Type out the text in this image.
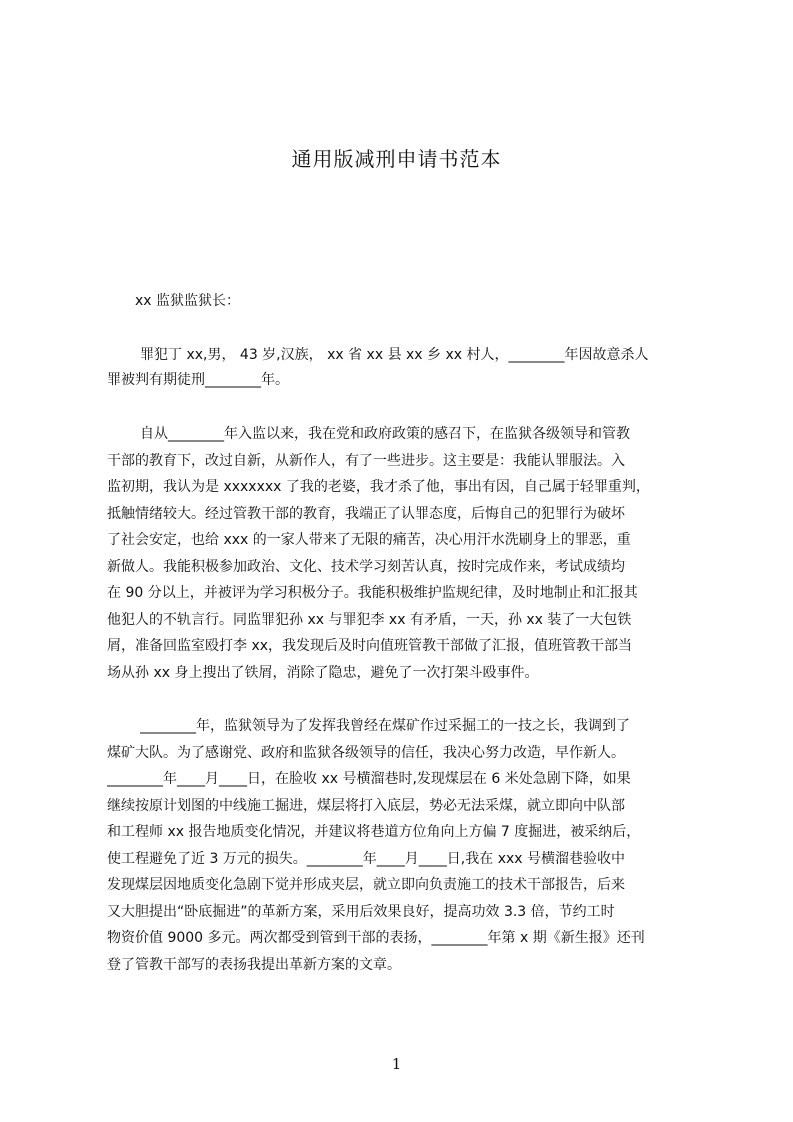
通用版减刑申请书范本
xx 监狱监狱长：
罪犯丁 xx,男， 43 岁,汉族， xx 省 xx 县 xx 乡 xx 村人，________年因故意杀人
罪被判有期徒刑________年。
自从________年入监以来，我在党和政府政策的感召下，在监狱各级领导和管教
干部的教育下，改过自新，从新作人，有了一些进步。这主要是：我能认罪服法。入
监初期，我认为是 xxxxxxx 了我的老婆，我才杀了他，事出有因，自己属于轻罪重判，
抵触情绪较大。经过管教干部的教育，我端正了认罪态度，后悔自己的犯罪行为破坏
了社会安定，也给 xxx 的一家人带来了无限的痛苦，决心用汗水洗刷身上的罪恶，重
新做人。我能积极参加政治、文化、技术学习刻苦认真，按时完成作来，考试成绩均
在 90 分以上，并被评为学习积极分子。我能积极维护监规纪律，及时地制止和汇报其
他犯人的不轨言行。同监罪犯孙 xx 与罪犯李 xx 有矛盾，一天，孙 xx 装了一大包铁
屑，准备回监室殴打李 xx，我发现后及时向值班管教干部做了汇报，值班管教干部当
场从孙 xx 身上搜出了铁屑，消除了隐忠，避免了一次打架斗殴事件。
________年，监狱领导为了发挥我曾经在煤矿作过采掘工的一技之长，我调到了
煤矿大队。为了感谢党、政府和监狱各级领导的信任，我决心努力改造，早作新人。
________年____月____日，在脸收 xx 号横溜巷时,发现煤层在 6 米处急剧下降，如果
继续按原计划图的中线施工掘进，煤层将打入底层，势必无法采煤，就立即向中队部
和工程师 xx 报告地质变化情况，并建议将巷道方位角向上方偏 7 度掘进，被采纳后，
使工程避免了近 3 万元的损失。________年____月____日,我在 xxx 号横溜巷验收中
发现煤层因地质变化急剧下觉并形成夹层，就立即向负责施工的技术干部报告，后来
又大胆提出“卧底掘进”的革新方案，采用后效果良好，提高功效 3.3 倍，节约工时
物资价值 9000 多元。两次都受到管到干部的表扬，________年第 x 期《新生报》还刊
登了管教干部写的表扬我提出革新方案的文章。
1
